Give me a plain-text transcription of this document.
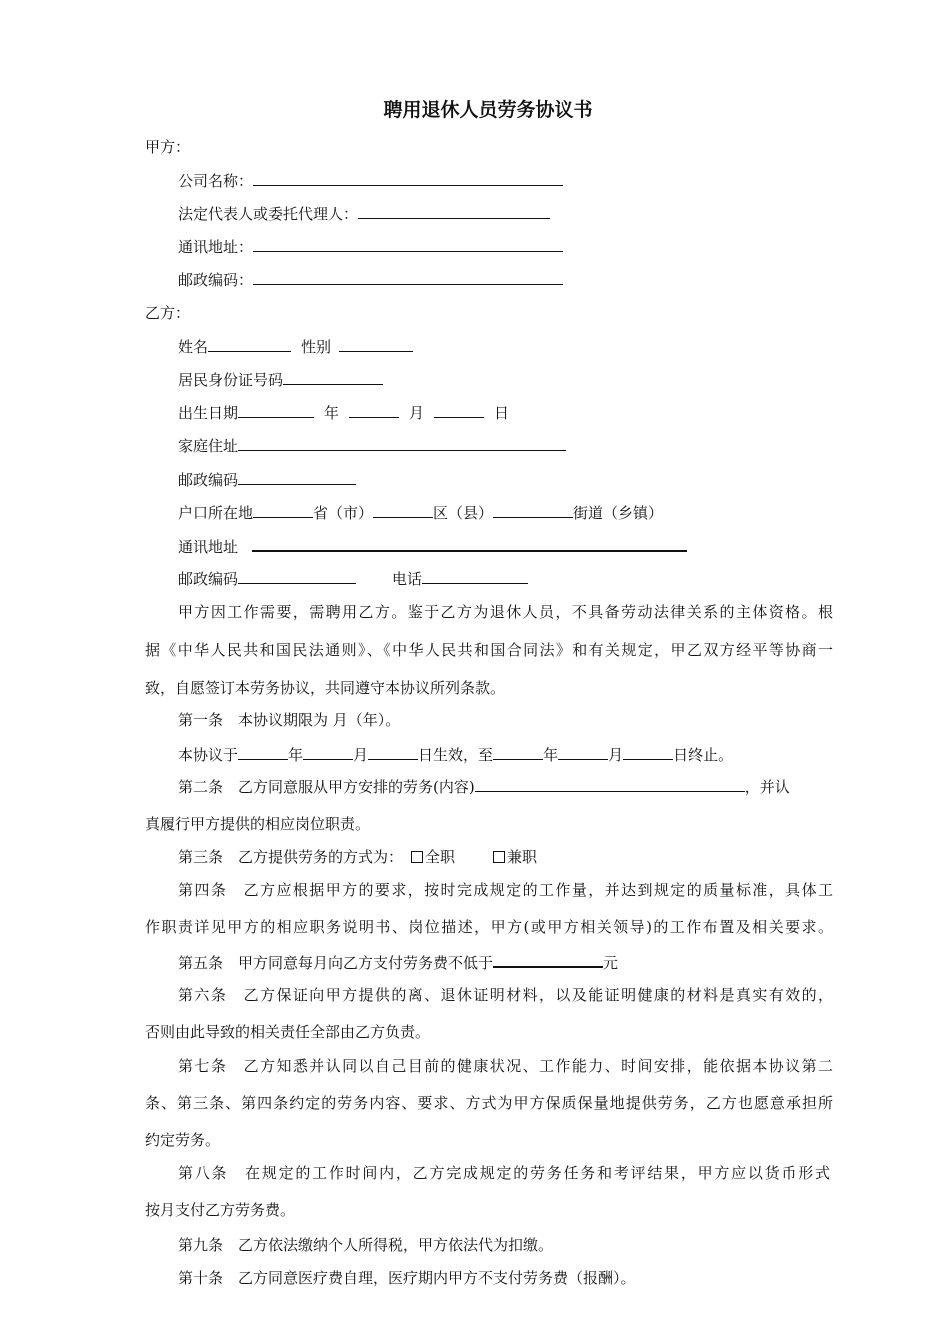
聘用退休人员劳务协议书
甲方：
公司名称：
法定代表人或委托代理人：
通讯地址：
邮政编码：
乙方：
姓名	性别
居民身份证号码
出生日期	年	月	日
家庭住址
邮政编码
户口所在地	省（市）	区（县）	街道（乡镇）
通讯地址
邮政编码	电话
甲方因工作需要，需聘用乙方。鉴于乙方为退休人员，不具备劳动法律关系的主体资格。根
据《中华人民共和国民法通则》、《中华人民共和国合同法》和有关规定，甲乙双方经平等协商一
致，自愿签订本劳务协议，共同遵守本协议所列条款。
第一条　本协议期限为 月（年）。
本协议于	年	月	日生效，至	年	月	日终止。
第二条　乙方同意服从甲方安排的劳务(内容)	，并认
真履行甲方提供的相应岗位职责。
第三条　乙方提供劳务的方式为： 全职	兼职
第四条　乙方应根据甲方的要求，按时完成规定的工作量，并达到规定的质量标准，具体工
作职责详见甲方的相应职务说明书、岗位描述，甲方(或甲方相关领导)的工作布置及相关要求。
第五条　甲方同意每月向乙方支付劳务费不低于	元
第六条　乙方保证向甲方提供的离、退休证明材料，以及能证明健康的材料是真实有效的，
否则由此导致的相关责任全部由乙方负责。
第七条　乙方知悉并认同以自己目前的健康状况、工作能力、时间安排，能依据本协议第二
条、第三条、第四条约定的劳务内容、要求、方式为甲方保质保量地提供劳务，乙方也愿意承担所
约定劳务。
第八条　在规定的工作时间内，乙方完成规定的劳务任务和考评结果，甲方应以货币形式
按月支付乙方劳务费。
第九条　乙方依法缴纳个人所得税，甲方依法代为扣缴。
第十条　乙方同意医疗费自理，医疗期内甲方不支付劳务费（报酬）。
